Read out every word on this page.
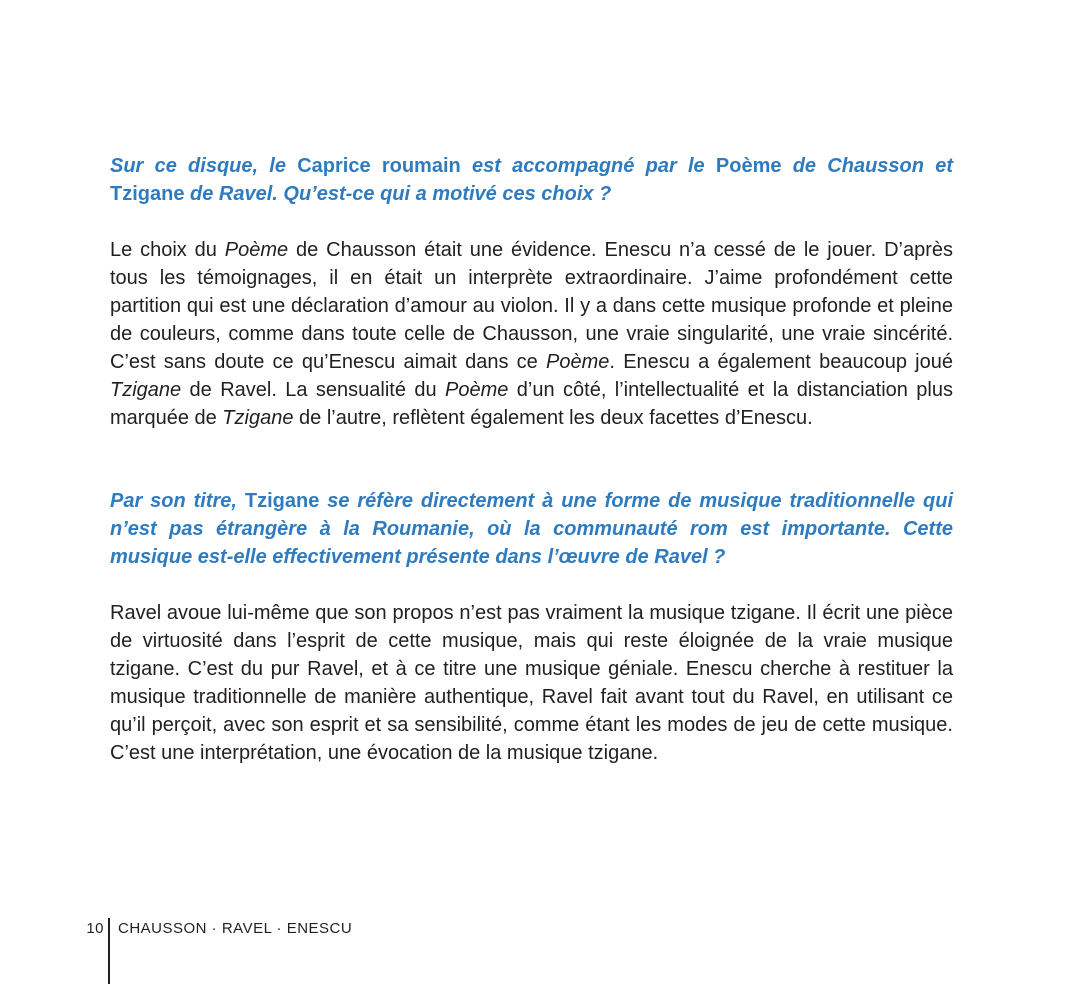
Sur ce disque, le Caprice roumain est accompagné par le Poème de Chausson et Tzigane de Ravel. Qu’est-ce qui a motivé ces choix ?

Le choix du Poème de Chausson était une évidence. Enescu n’a cessé de le jouer. D’après tous les témoignages, il en était un interprète extraordinaire. J’aime profondément cette partition qui est une déclaration d’amour au violon. Il y a dans cette musique profonde et pleine de couleurs, comme dans toute celle de Chausson, une vraie singularité, une vraie sincérité. C’est sans doute ce qu’Enescu aimait dans ce Poème. Enescu a également beaucoup joué Tzigane de Ravel. La sensualité du Poème d’un côté, l’intellectualité et la distanciation plus marquée de Tzigane de l’autre, reflètent également les deux facettes d’Enescu.

Par son titre, Tzigane se réfère directement à une forme de musique traditionnelle qui n’est pas étrangère à la Roumanie, où la communauté rom est importante. Cette musique est-elle effectivement présente dans l’œuvre de Ravel ?

Ravel avoue lui-même que son propos n’est pas vraiment la musique tzigane. Il écrit une pièce de virtuosité dans l’esprit de cette musique, mais qui reste éloignée de la vraie musique tzigane. C’est du pur Ravel, et à ce titre une musique géniale. Enescu cherche à restituer la musique traditionnelle de manière authentique, Ravel fait avant tout du Ravel, en utilisant ce qu’il perçoit, avec son esprit et sa sensibilité, comme étant les modes de jeu de cette musique. C’est une interprétation, une évocation de la musique tzigane.

10 CHAUSSON · RAVEL · ENESCU
